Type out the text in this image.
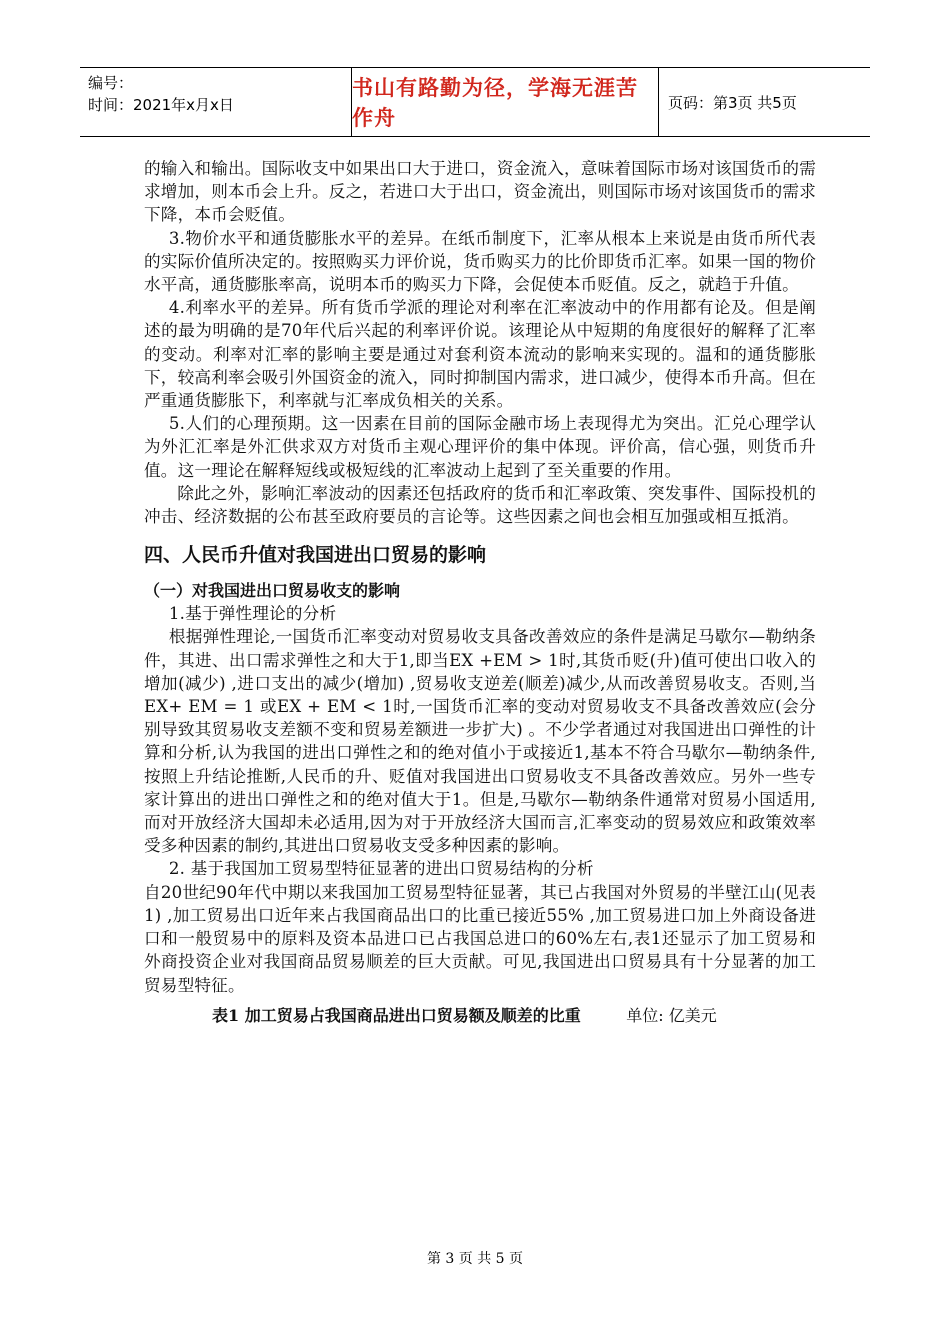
编号：
时间：2021年x月x日
书山有路勤为径，学海无涯苦作舟
页码：第3页 共5页

的输入和输出。国际收支中如果出口大于进口，资金流入，意味着国际市场对该国货币的需求增加，则本币会上升。反之，若进口大于出口，资金流出，则国际市场对该国货币的需求下降，本币会贬值。

3.物价水平和通货膨胀水平的差异。在纸币制度下，汇率从根本上来说是由货币所代表的实际价值所决定的。按照购买力评价说，货币购买力的比价即货币汇率。如果一国的物价水平高，通货膨胀率高，说明本币的购买力下降，会促使本币贬值。反之，就趋于升值。

4.利率水平的差异。所有货币学派的理论对利率在汇率波动中的作用都有论及。但是阐述的最为明确的是70年代后兴起的利率评价说。该理论从中短期的角度很好的解释了汇率的变动。利率对汇率的影响主要是通过对套利资本流动的影响来实现的。温和的通货膨胀下，较高利率会吸引外国资金的流入，同时抑制国内需求，进口减少，使得本币升高。但在严重通货膨胀下，利率就与汇率成负相关的关系。

5.人们的心理预期。这一因素在目前的国际金融市场上表现得尤为突出。汇兑心理学认为外汇汇率是外汇供求双方对货币主观心理评价的集中体现。评价高，信心强，则货币升值。这一理论在解释短线或极短线的汇率波动上起到了至关重要的作用。

除此之外，影响汇率波动的因素还包括政府的货币和汇率政策、突发事件、国际投机的冲击、经济数据的公布甚至政府要员的言论等。这些因素之间也会相互加强或相互抵消。

四、人民币升值对我国进出口贸易的影响
（一）对我国进出口贸易收支的影响

1.基于弹性理论的分析

根据弹性理论,一国货币汇率变动对贸易收支具备改善效应的条件是满足马歇尔—勒纳条件，其进、出口需求弹性之和大于1,即当EX +EM > 1时,其货币贬(升)值可使出口收入的增加(减少) ,进口支出的减少(增加) ,贸易收支逆差(顺差)减少,从而改善贸易收支。否则,当EX+ EM = 1 或EX + EM < 1时,一国货币汇率的变动对贸易收支不具备改善效应(会分别导致其贸易收支差额不变和贸易差额进一步扩大) 。不少学者通过对我国进出口弹性的计算和分析,认为我国的进出口弹性之和的绝对值小于或接近1,基本不符合马歇尔—勒纳条件,按照上升结论推断,人民币的升、贬值对我国进出口贸易收支不具备改善效应。另外一些专家计算出的进出口弹性之和的绝对值大于1。但是,马歇尔—勒纳条件通常对贸易小国适用,而对开放经济大国却未必适用,因为对于开放经济大国而言,汇率变动的贸易效应和政策效率受多种因素的制约,其进出口贸易收支受多种因素的影响。

2. 基于我国加工贸易型特征显著的进出口贸易结构的分析

自20世纪90年代中期以来我国加工贸易型特征显著，其已占我国对外贸易的半壁江山(见表1) ,加工贸易出口近年来占我国商品出口的比重已接近55% ,加工贸易进口加上外商设备进口和一般贸易中的原料及资本品进口已占我国总进口的60%左右,表1还显示了加工贸易和外商投资企业对我国商品贸易顺差的巨大贡献。可见,我国进出口贸易具有十分显著的加工贸易型特征。

表1 加工贸易占我国商品进出口贸易额及顺差的比重	单位: 亿美元
第 3 页 共 5 页
